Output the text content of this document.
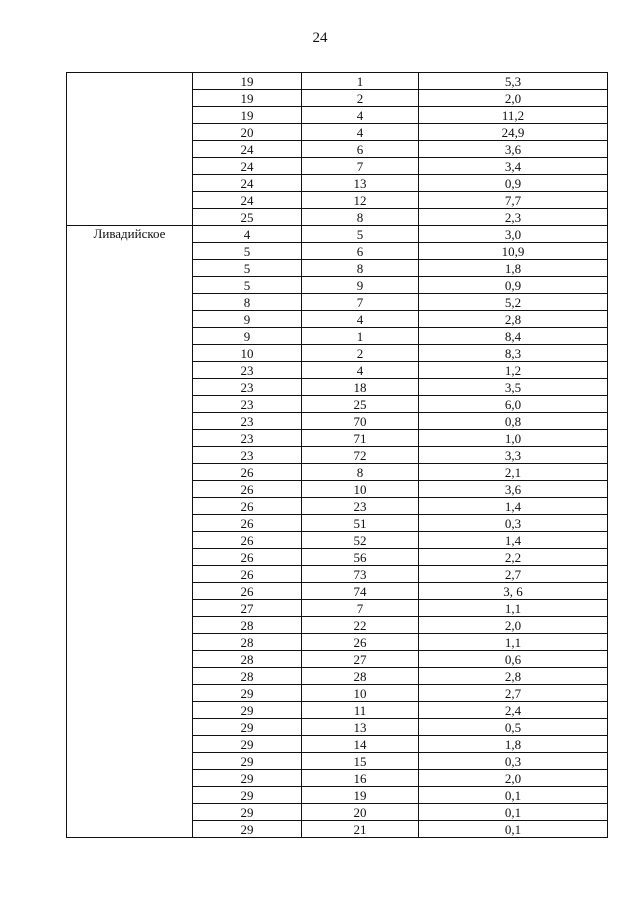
24
	19	1	5,3
	19	2	2,0
	19	4	11,2
	20	4	24,9
	24	6	3,6
	24	7	3,4
	24	13	0,9
	24	12	7,7
	25	8	2,3
Ливадийское	4	5	3,0
	5	6	10,9
	5	8	1,8
	5	9	0,9
	8	7	5,2
	9	4	2,8
	9	1	8,4
	10	2	8,3
	23	4	1,2
	23	18	3,5
	23	25	6,0
	23	70	0,8
	23	71	1,0
	23	72	3,3
	26	8	2,1
	26	10	3,6
	26	23	1,4
	26	51	0,3
	26	52	1,4
	26	56	2,2
	26	73	2,7
	26	74	3, 6
	27	7	1,1
	28	22	2,0
	28	26	1,1
	28	27	0,6
	28	28	2,8
	29	10	2,7
	29	11	2,4
	29	13	0,5
	29	14	1,8
	29	15	0,3
	29	16	2,0
	29	19	0,1
	29	20	0,1
	29	21	0,1
